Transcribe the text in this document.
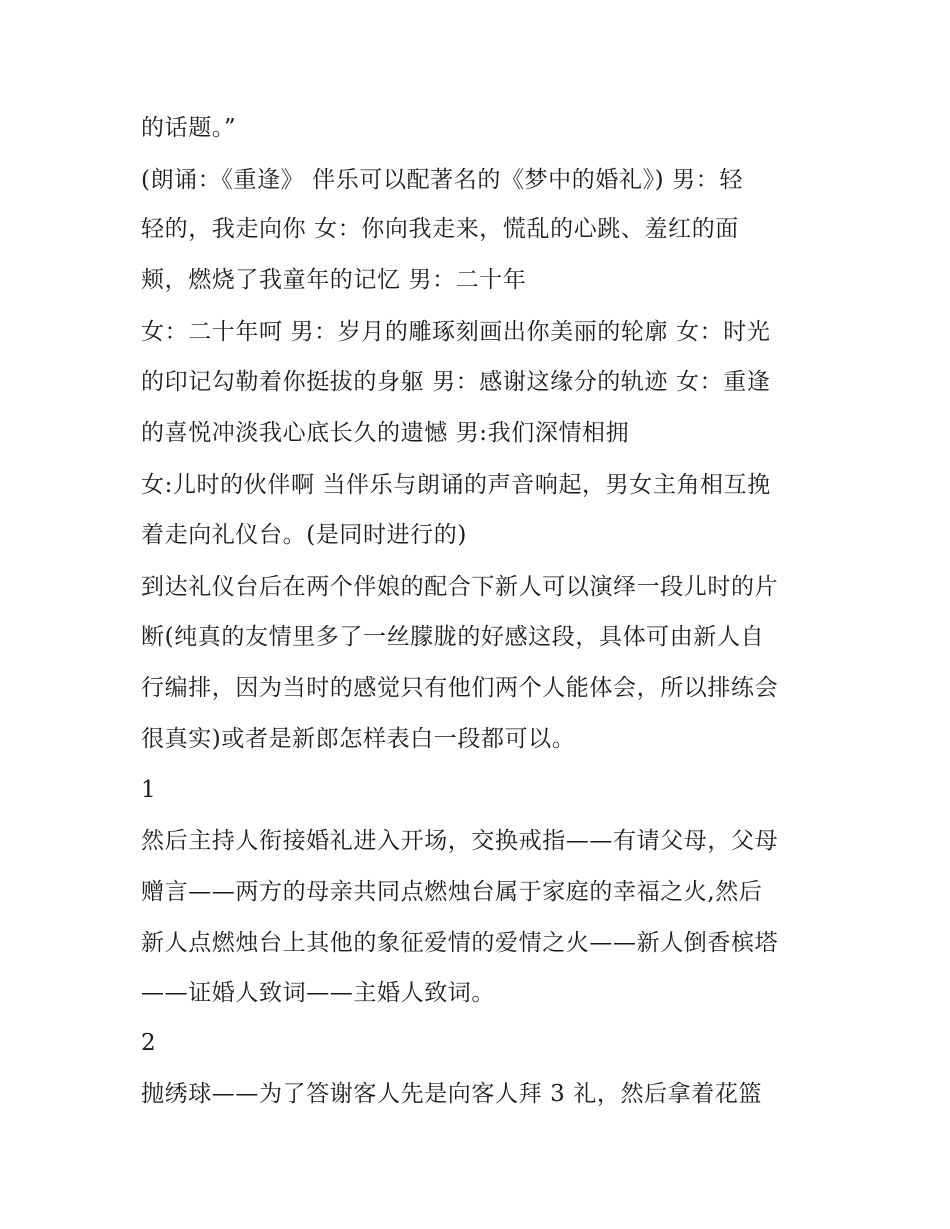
的话题。”
(朗诵：《重逢》 伴乐可以配著名的《梦中的婚礼》) 男：轻
轻的，我走向你 女：你向我走来，慌乱的心跳、羞红的面
颊，燃烧了我童年的记忆 男：二十年
女：二十年呵 男：岁月的雕琢刻画出你美丽的轮廓 女：时光
的印记勾勒着你挺拔的身躯 男：感谢这缘分的轨迹 女：重逢
的喜悦冲淡我心底长久的遗憾 男:我们深情相拥
女:儿时的伙伴啊 当伴乐与朗诵的声音响起，男女主角相互挽
着走向礼仪台。(是同时进行的)
到达礼仪台后在两个伴娘的配合下新人可以演绎一段儿时的片
断(纯真的友情里多了一丝朦胧的好感这段，具体可由新人自
行编排，因为当时的感觉只有他们两个人能体会，所以排练会
很真实)或者是新郎怎样表白一段都可以。
1
然后主持人衔接婚礼进入开场，交换戒指——有请父母，父母
赠言——两方的母亲共同点燃烛台属于家庭的幸福之火,然后
新人点燃烛台上其他的象征爱情的爱情之火——新人倒香槟塔
——证婚人致词——主婚人致词。
2
抛绣球——为了答谢客人先是向客人拜 3 礼，然后拿着花篮
